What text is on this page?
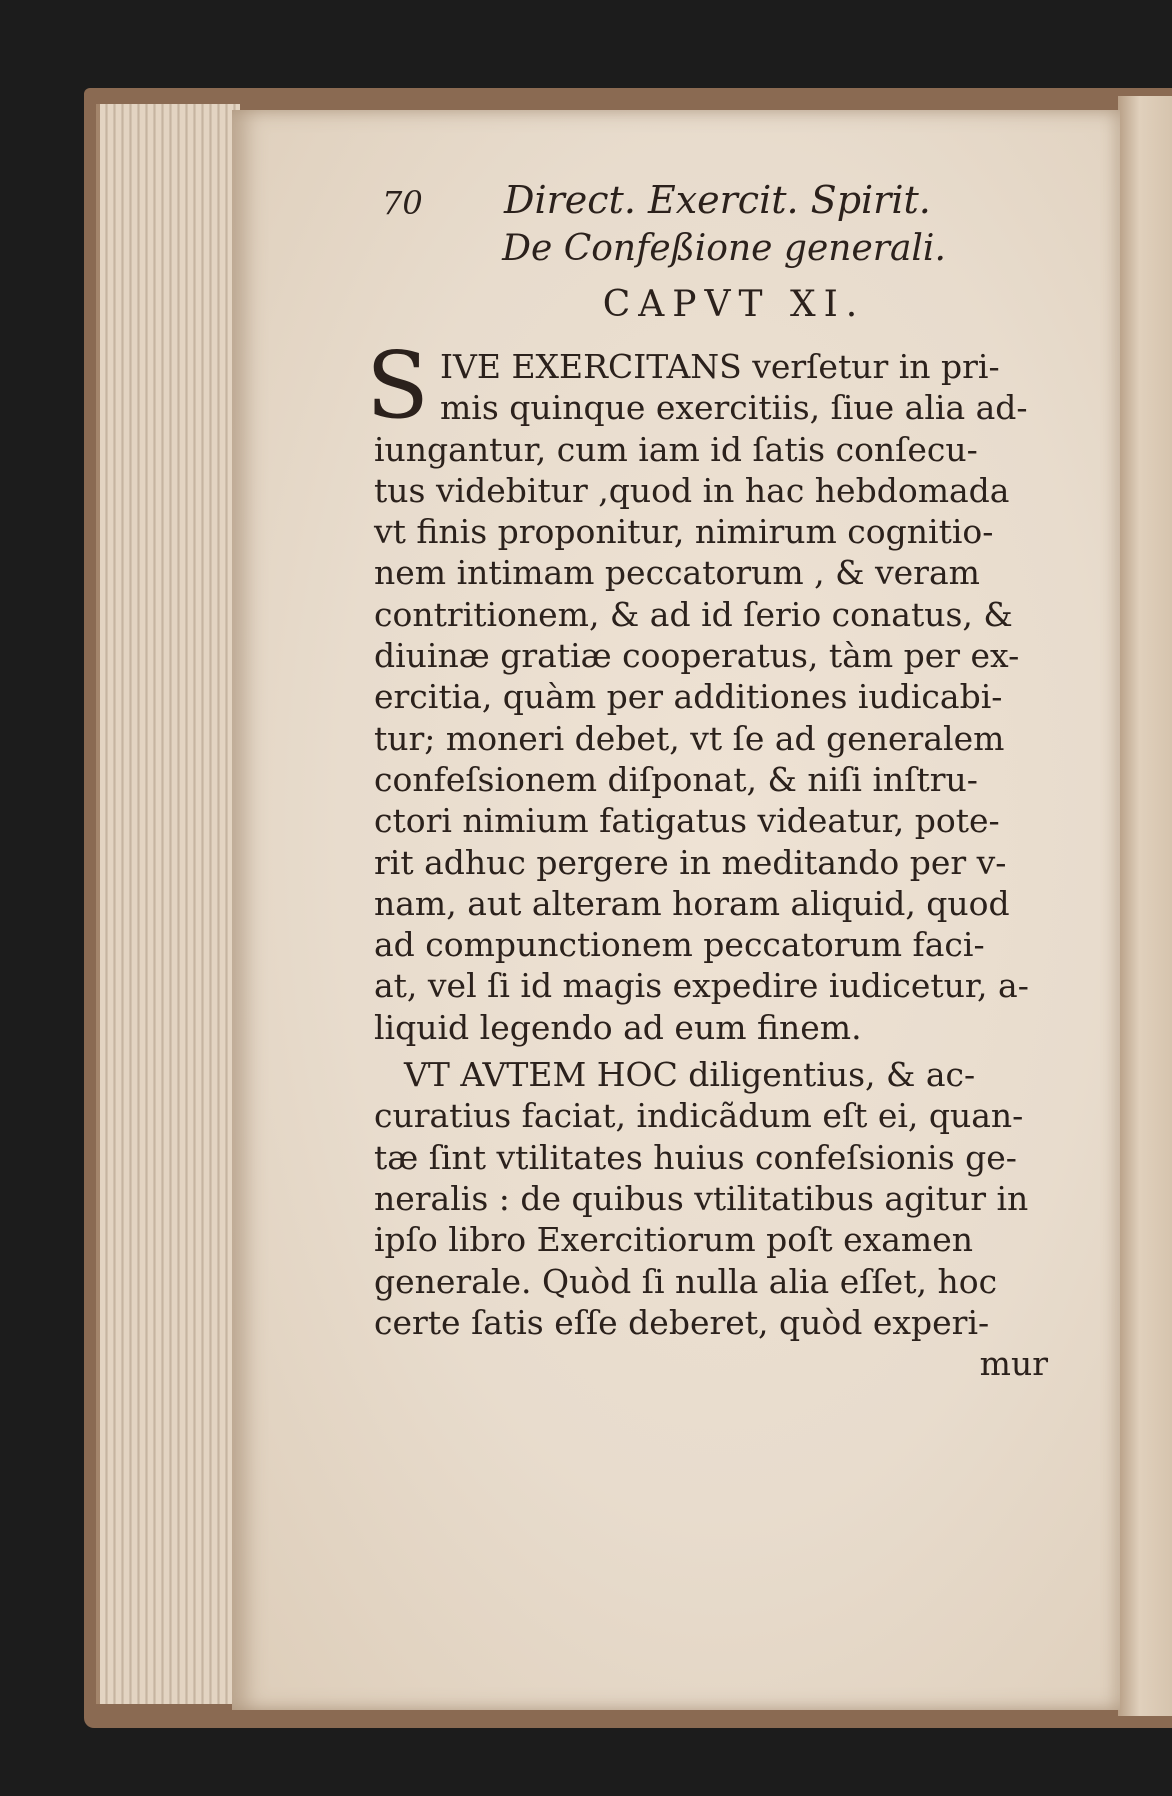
70 Direct. Exercit. Spirit.
De Confeßione generali.
CAPVT XI.
S IVE EXERCITANS verſetur in pri-
mis quinque exercitiis, ſiue alia ad-
iungantur, cum iam id ſatis conſecu-
tus videbitur ,quod in hac hebdomada
vt finis proponitur, nimirum cognitio-
nem intimam peccatorum , & veram
contritionem, & ad id ſerio conatus, &
diuinæ gratiæ cooperatus, tàm per ex-
ercitia, quàm per additiones iudicabi-
tur; moneri debet, vt ſe ad generalem
confeſsionem diſponat, & niſi inſtru-
ctori nimium fatigatus videatur, pote-
rit adhuc pergere in meditando per v-
nam, aut alteram horam aliquid, quod
ad compunctionem peccatorum faci-
at, vel ſi id magis expedire iudicetur, a-
liquid legendo ad eum finem.
VT AVTEM HOC diligentius, & ac-
curatius faciat, indicãdum eſt ei, quan-
tæ ſint vtilitates huius confeſsionis ge-
neralis : de quibus vtilitatibus agitur in
ipſo libro Exercitiorum poſt examen
generale. Quòd ſi nulla alia eſſet, hoc
certe ſatis eſſe deberet, quòd experi-
mur
